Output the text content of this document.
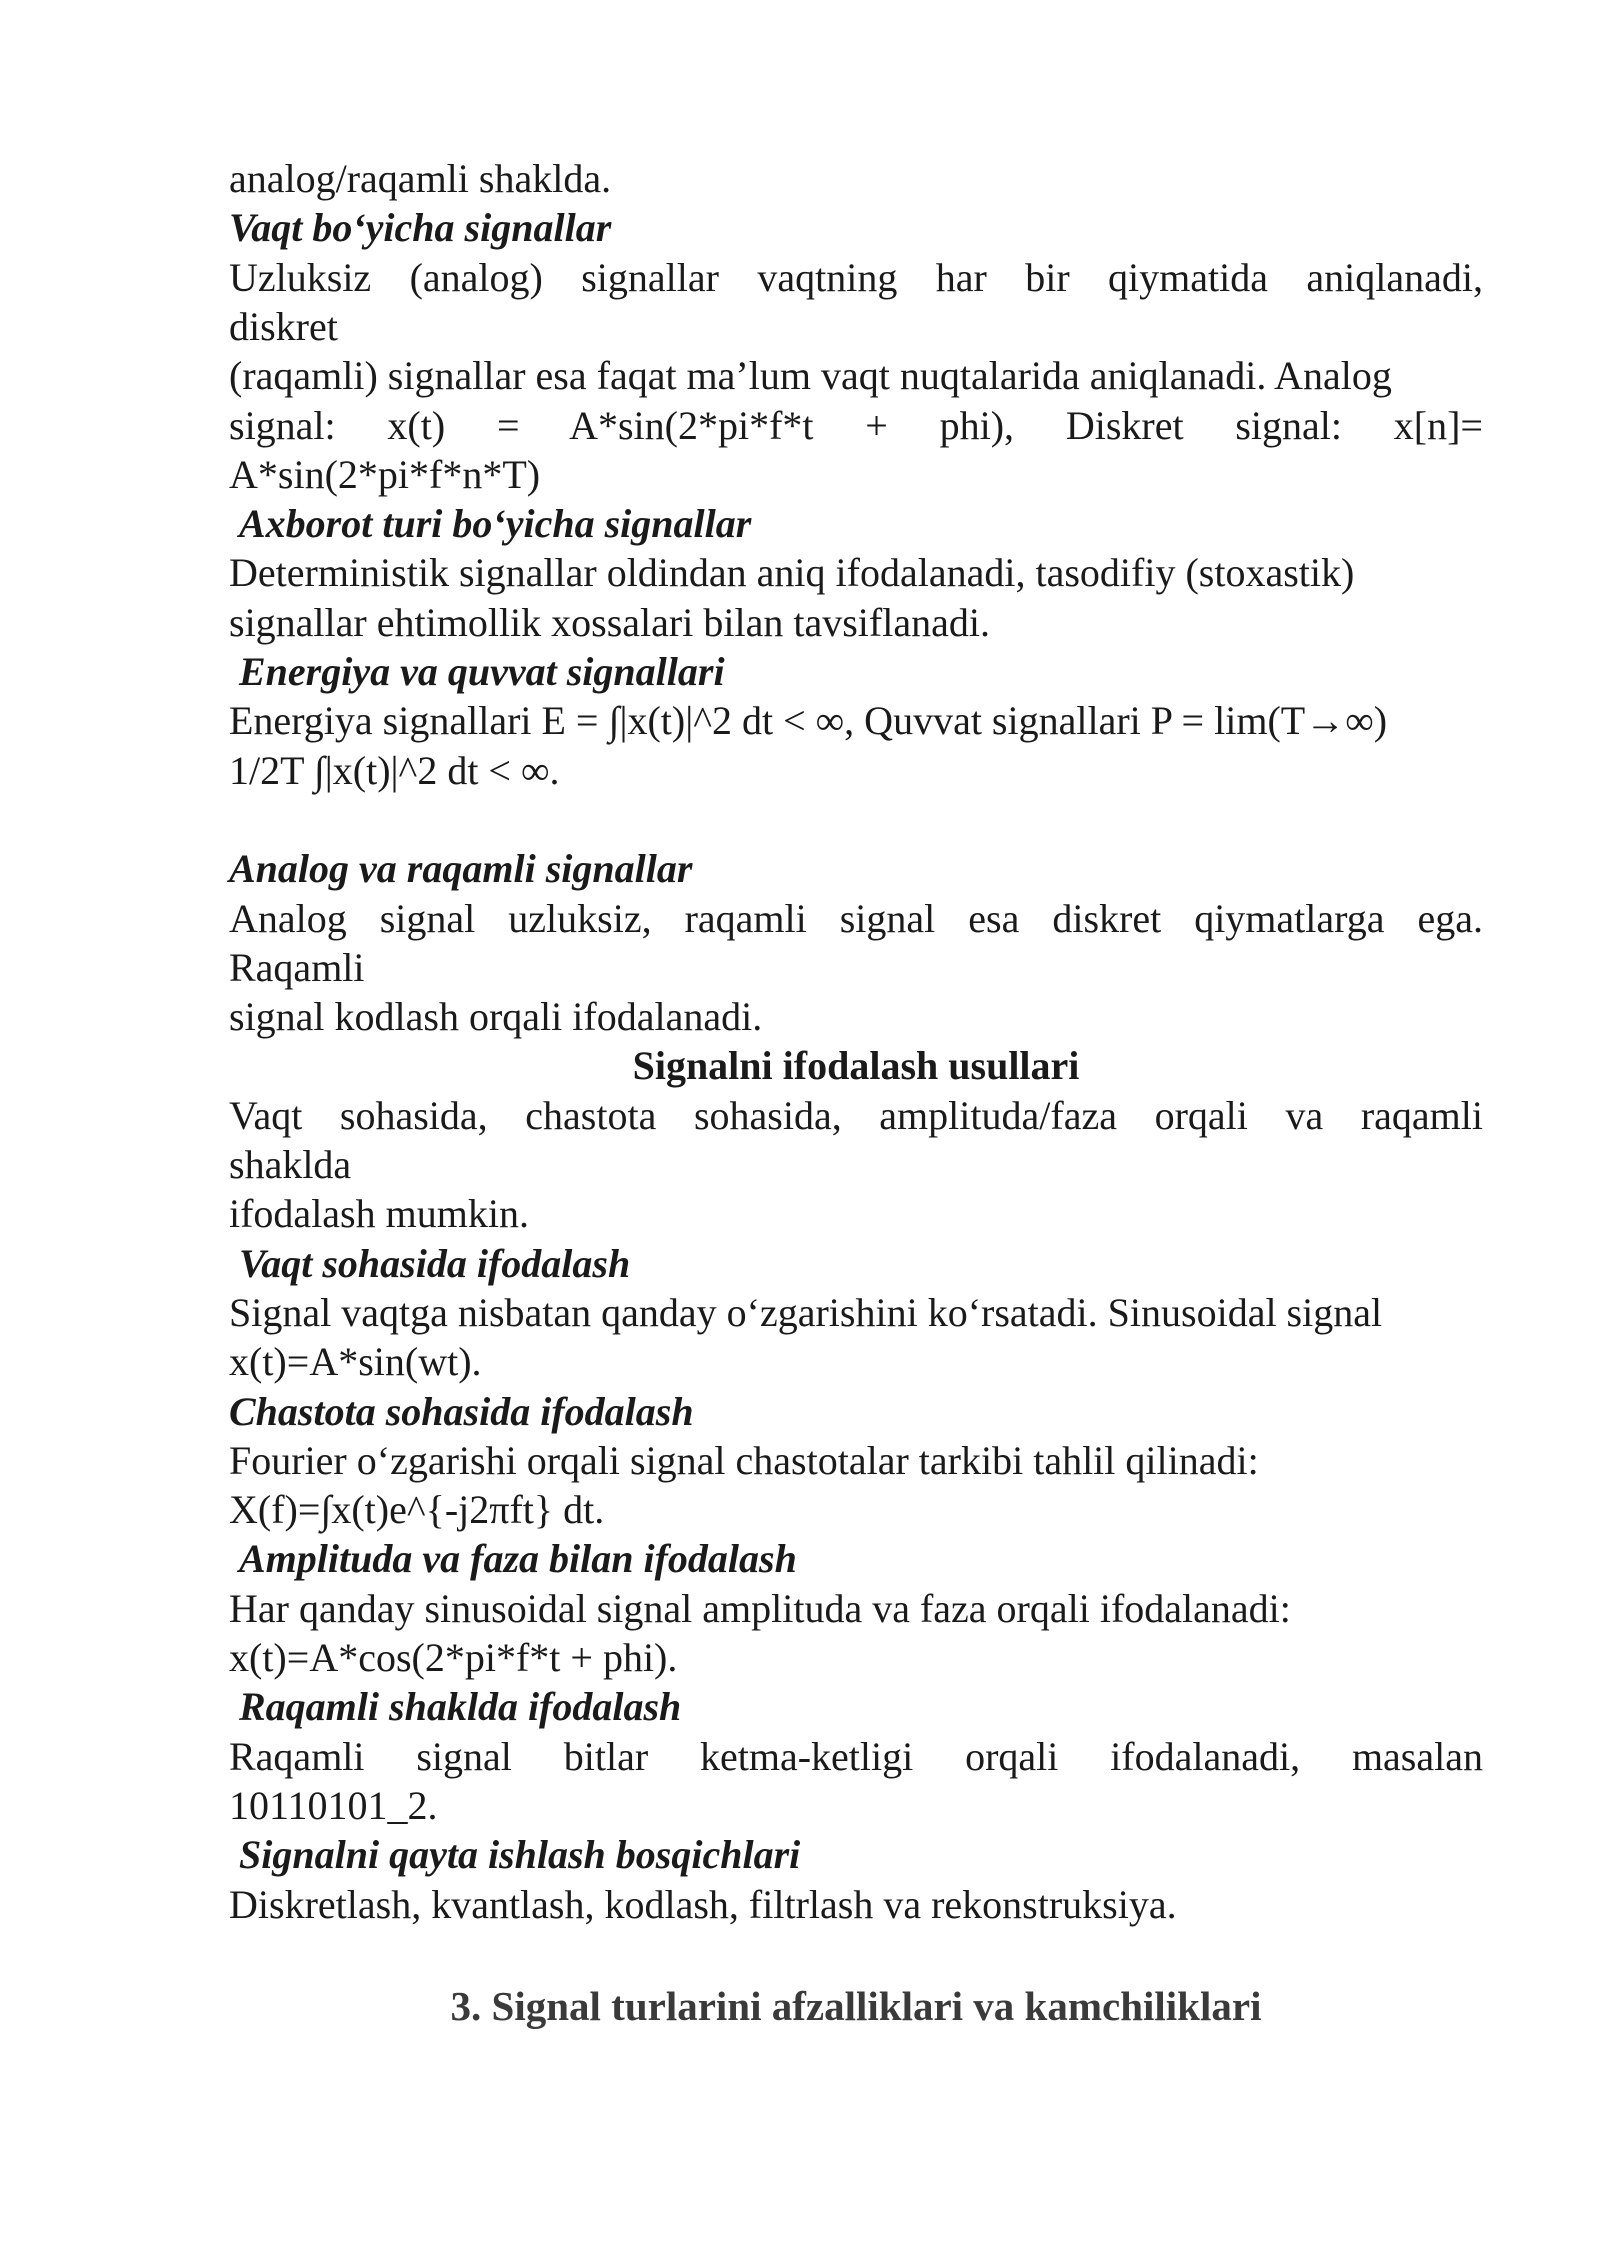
analog/raqamli shakldа.
Vaqt bo‘yicha signallar
Uzluksiz (analog) signallar vaqtning har bir qiymatida aniqlanadi,
diskret
(raqamli) signallar esa faqat ma’lum vaqt nuqtalarida aniqlanadi. Analog
signal: x(t) = A*sin(2*pi*f*t + phi), Diskret signal: x[n]=
A*sin(2*pi*f*n*T)
Axborot turi bo‘yicha signallar
Deterministik signallar oldindan aniq ifodalanadi, tasodifiy (stoxastik)
signallar ehtimollik xossalari bilan tavsiflanadi.
Energiya va quvvat signallari
Energiya signallari E = ∫|x(t)|^2 dt < ∞, Quvvat signallari P = lim(T→∞)
1/2T ∫|x(t)|^2 dt < ∞.
Analog va raqamli signallar
Analog signal uzluksiz, raqamli signal esa diskret qiymatlarga ega.
Raqamli
signal kodlash orqali ifodalanadi.
Signalni ifodalash usullari
Vaqt sohasida, chastota sohasida, amplituda/faza orqali va raqamli
shaklda
ifodalash mumkin.
Vaqt sohasida ifodalash
Signal vaqtga nisbatan qanday o‘zgarishini ko‘rsatadi. Sinusoidal signal
x(t)=A*sin(wt).
Chastota sohasida ifodalash
Fourier o‘zgarishi orqali signal chastotalar tarkibi tahlil qilinadi:
X(f)=∫x(t)e^{-j2πft} dt.
Amplituda va faza bilan ifodalash
Har qanday sinusoidal signal amplituda va faza orqali ifodalanadi:
x(t)=A*cos(2*pi*f*t + phi).
Raqamli shaklda ifodalash
Raqamli signal bitlar ketma-ketligi orqali ifodalanadi, masalan
10110101_2.
Signalni qayta ishlash bosqichlari
Diskretlash, kvantlash, kodlash, filtrlash va rekonstruksiya.
3. Signal turlarini afzalliklari va kamchiliklari
